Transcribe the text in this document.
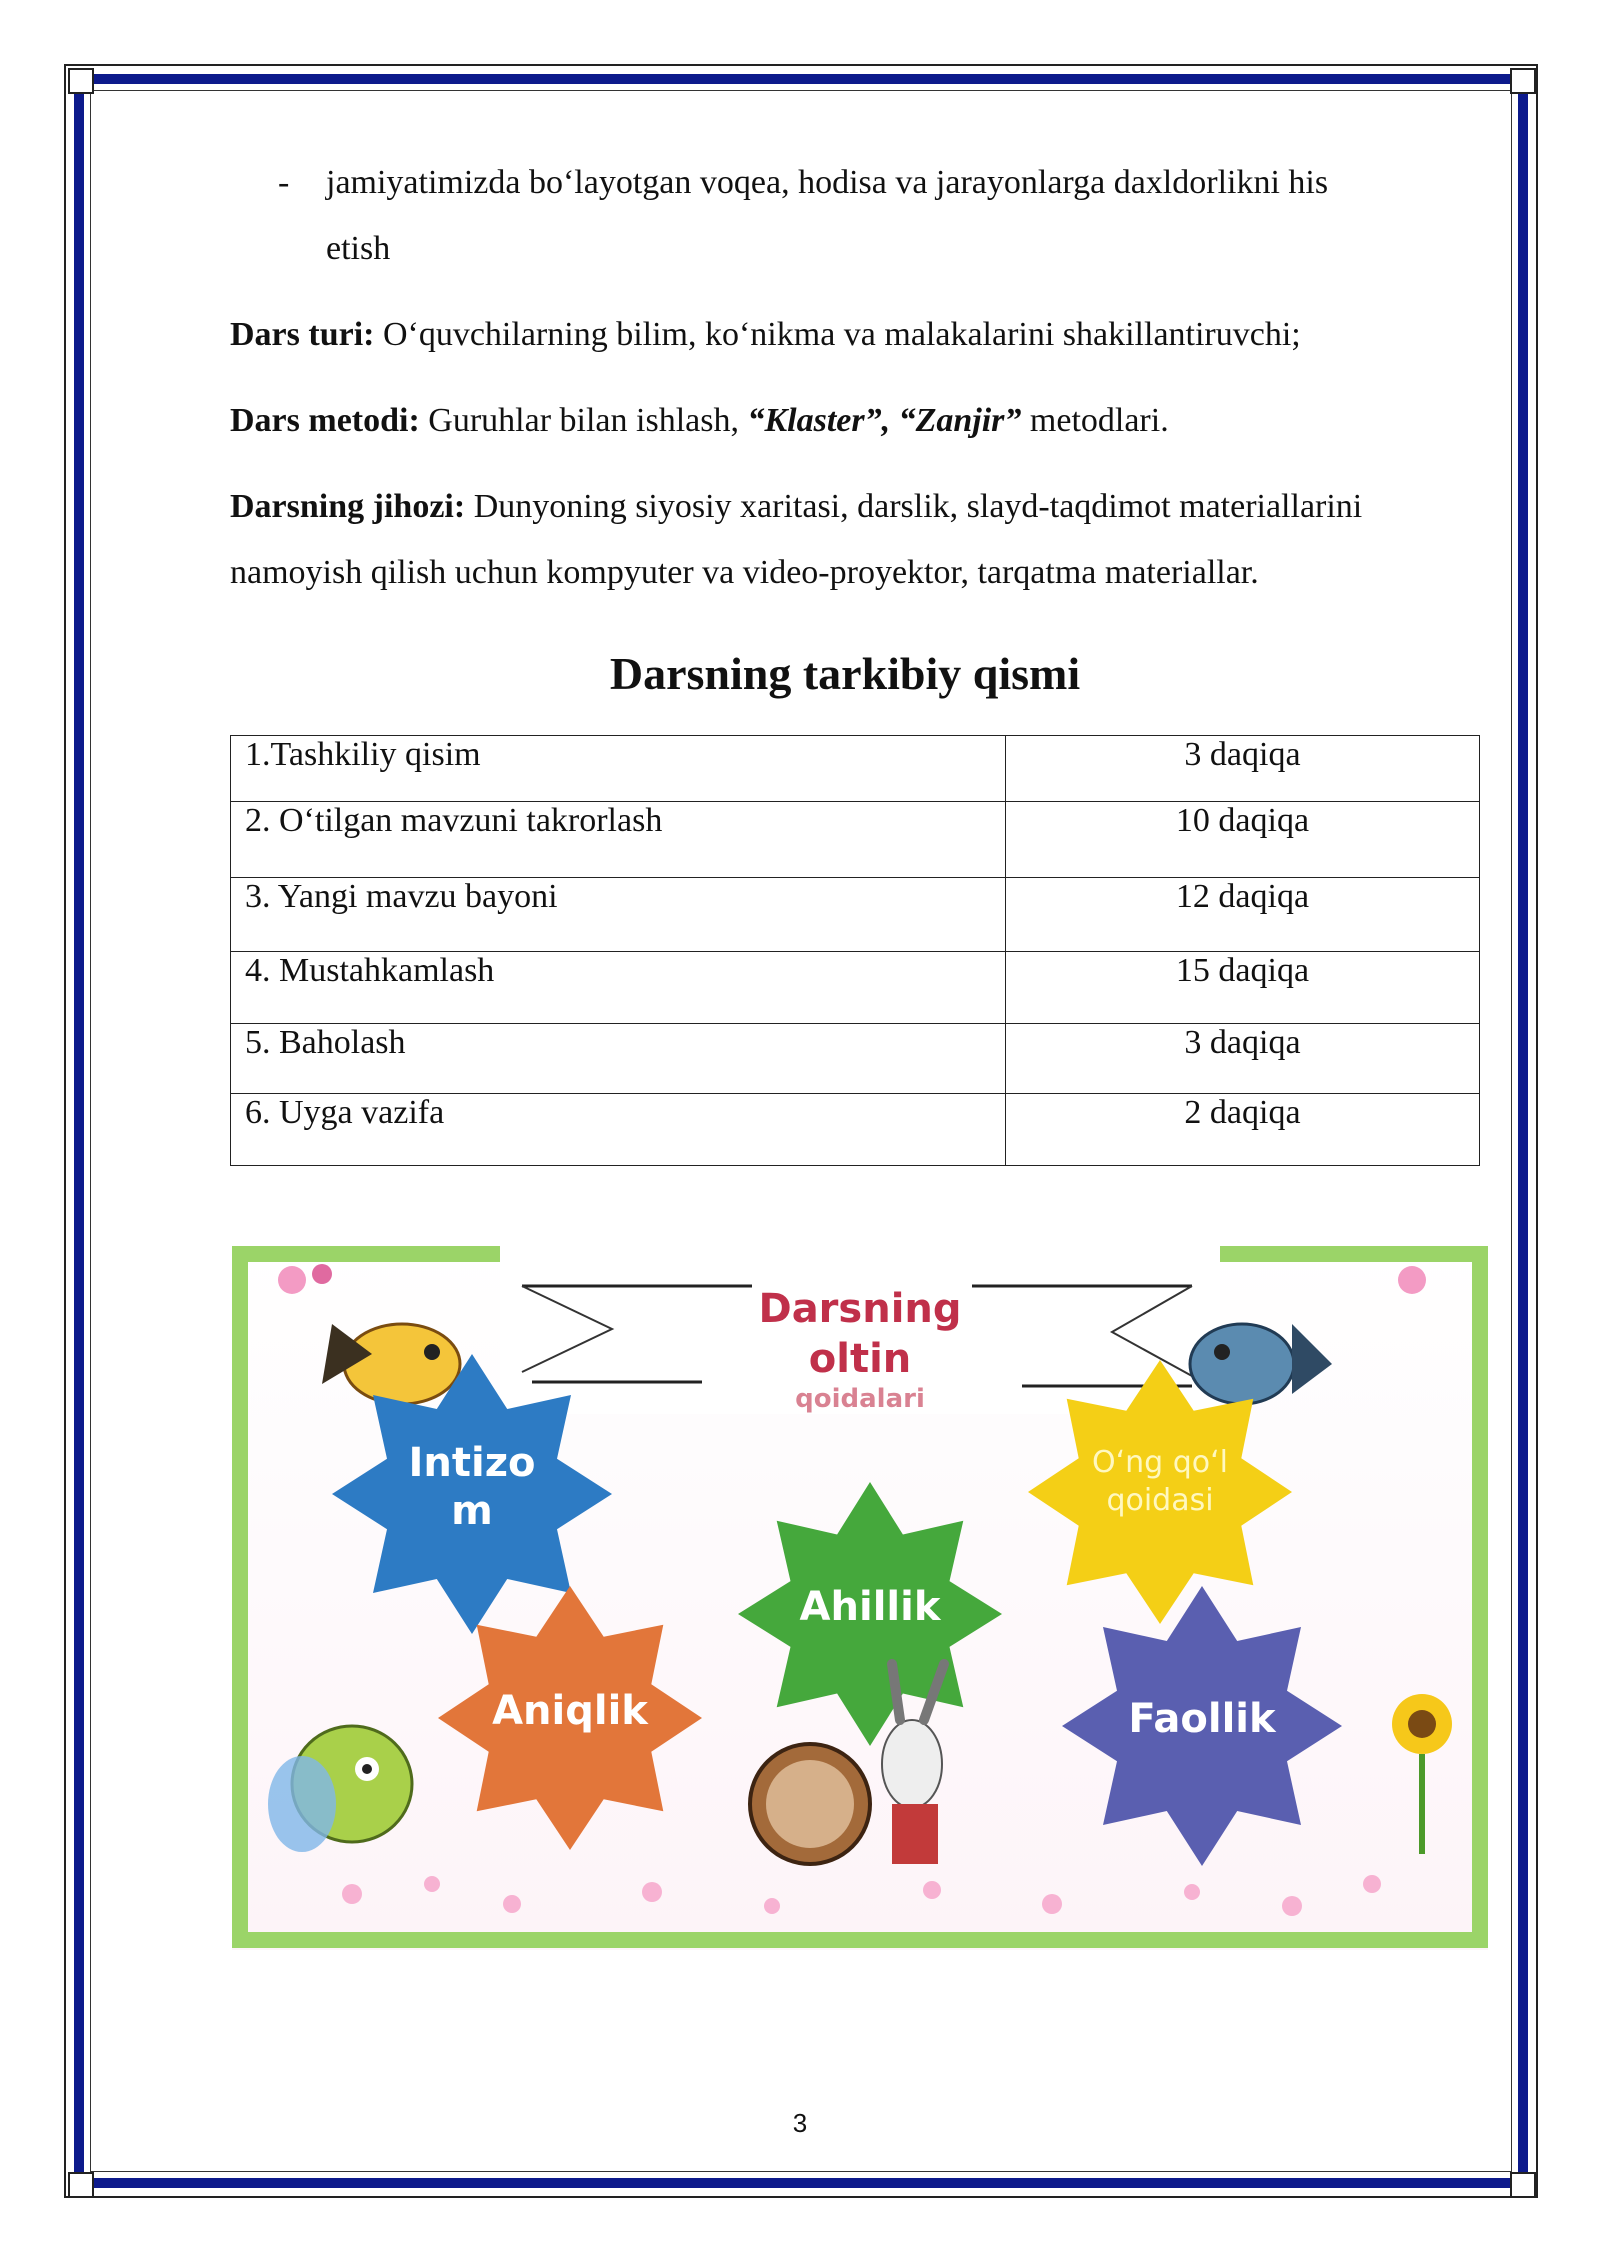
- jamiyatimizda bo‘layotgan voqea, hodisa va jarayonlarga daxldorlikni his
etish

Dars turi: O‘quvchilarning bilim, ko‘nikma va malakalarini shakillantiruvchi;

Dars metodi: Guruhlar bilan ishlash, “Klaster”, “Zanjir” metodlari.

Darsning jihozi: Dunyoning siyosiy xaritasi, darslik, slayd-taqdimot materiallarini namoyish qilish uchun kompyuter va video-proyektor, tarqatma materiallar.

Darsning tarkibiy qismi
1.Tashkiliy qisim	3 daqiqa
2. O‘tilgan mavzuni takrorlash	10 daqiqa
3. Yangi mavzu bayoni	12 daqiqa
4. Mustahkamlash	15 daqiqa
5. Baholash	3 daqiqa
6. Uyga vazifa	2 daqiqa
Darsning
oltin
qoidalari
Intizo
m
O‘ng qo‘l
qoidasi
Ahillik
Aniqlik	Faollik
3
